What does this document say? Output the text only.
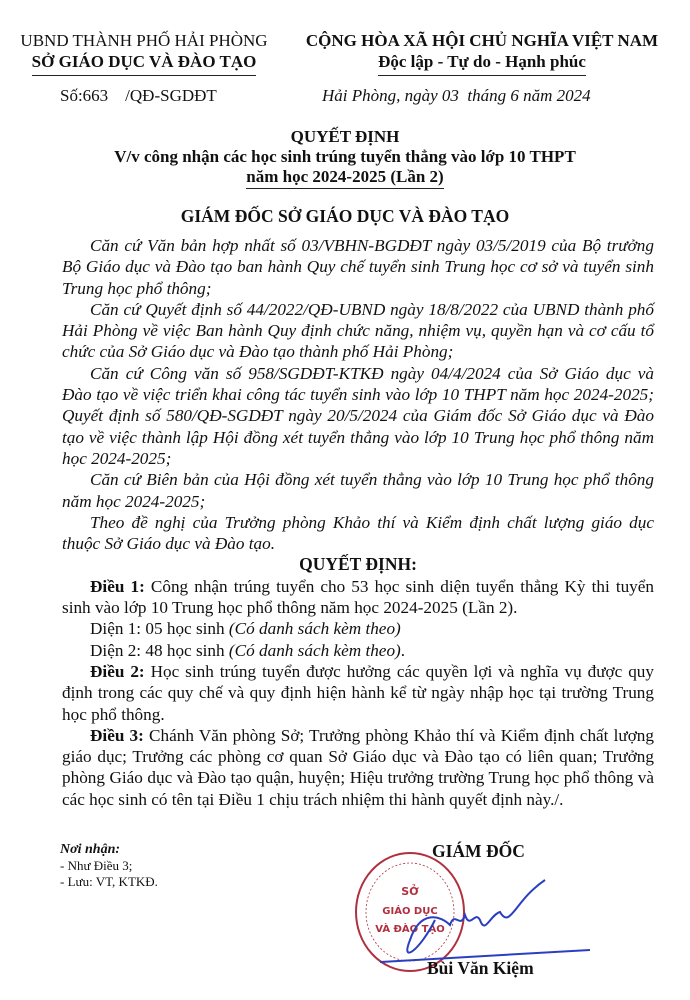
UBND THÀNH PHỐ HẢI PHÒNG
SỞ GIÁO DỤC VÀ ĐÀO TẠO
CỘNG HÒA XÃ HỘI CHỦ NGHĨA VIỆT NAM
Độc lập - Tự do - Hạnh phúc
Số:663    /QĐ-SGDĐT	Hải Phòng, ngày 03  tháng 6 năm 2024
QUYẾT ĐỊNH
V/v công nhận các học sinh trúng tuyển thẳng vào lớp 10 THPT
năm học 2024-2025 (Lần 2)
GIÁM ĐỐC SỞ GIÁO DỤC VÀ ĐÀO TẠO

Căn cứ Văn bản hợp nhất số 03/VBHN-BGDĐT ngày 03/5/2019 của Bộ trưởng Bộ Giáo dục và Đào tạo ban hành Quy chế tuyển sinh Trung học cơ sở và tuyển sinh Trung học phổ thông;

Căn cứ Quyết định số 44/2022/QĐ-UBND ngày 18/8/2022 của UBND thành phố Hải Phòng về việc Ban hành Quy định chức năng, nhiệm vụ, quyền hạn và cơ cấu tổ chức của Sở Giáo dục và Đào tạo thành phố Hải Phòng;

Căn cứ Công văn số 958/SGDĐT-KTKĐ ngày 04/4/2024 của Sở Giáo dục và Đào tạo về việc triển khai công tác tuyển sinh vào lớp 10 THPT năm học 2024-2025; Quyết định số 580/QĐ-SGDĐT ngày 20/5/2024 của Giám đốc Sở Giáo dục và Đào tạo về việc thành lập Hội đồng xét tuyển thẳng vào lớp 10 Trung học phổ thông năm học 2024-2025;

Căn cứ Biên bản của Hội đồng xét tuyển thẳng vào lớp 10 Trung học phổ thông năm học 2024-2025;

Theo đề nghị của Trưởng phòng Khảo thí và Kiểm định chất lượng giáo dục thuộc Sở Giáo dục và Đào tạo.

QUYẾT ĐỊNH:

Điều 1: Công nhận trúng tuyển cho 53 học sinh diện tuyển thẳng Kỳ thi tuyển sinh vào lớp 10 Trung học phổ thông năm học 2024-2025 (Lần 2).

Diện 1: 05 học sinh (Có danh sách kèm theo)

Diện 2: 48 học sinh (Có danh sách kèm theo).

Điều 2: Học sinh trúng tuyển được hưởng các quyền lợi và nghĩa vụ được quy định trong các quy chế và quy định hiện hành kể từ ngày nhập học tại trường Trung học phổ thông.

Điều 3: Chánh Văn phòng Sở; Trưởng phòng Khảo thí và Kiểm định chất lượng giáo dục; Trưởng các phòng cơ quan Sở Giáo dục và Đào tạo có liên quan; Trưởng phòng Giáo dục và Đào tạo quận, huyện; Hiệu trưởng trường Trung học phổ thông và các học sinh có tên tại Điều 1 chịu trách nhiệm thi hành quyết định này./.

Nơi nhận:
- Như Điều 3;
- Lưu: VT, KTKĐ.
SỞ
GIÁO DỤC
VÀ ĐÀO TẠO
GIÁM ĐỐC
Bùi Văn Kiệm
